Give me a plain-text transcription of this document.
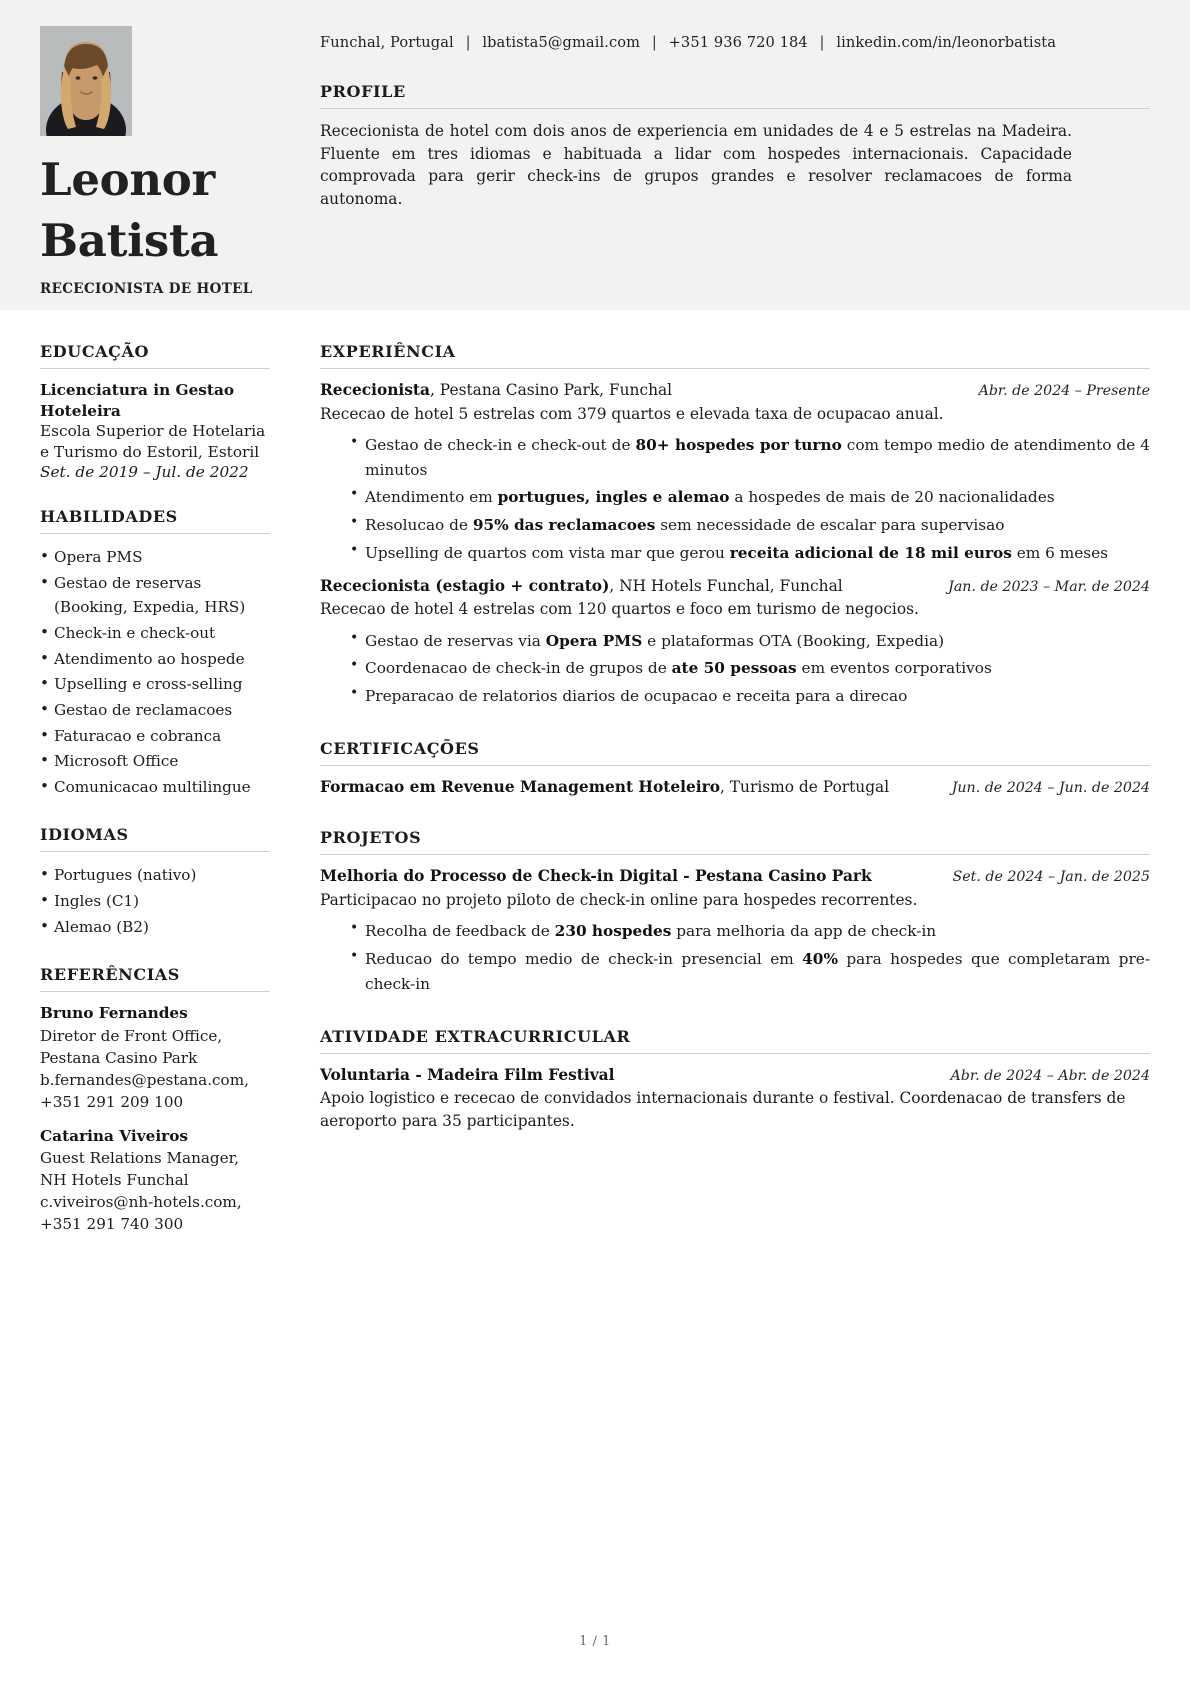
Leonor
Batista
RECECIONISTA DE HOTEL
Funchal, Portugal | lbatista5@gmail.com | +351 936 720 184 | linkedin.com/in/leonorbatista
PROFILE
Rececionista de hotel com dois anos de experiencia em unidades de 4 e 5 estrelas na Madeira. Fluente em tres idiomas e habituada a lidar com hospedes internacionais. Capacidade comprovada para gerir check-ins de grupos grandes e resolver reclamacoes de forma autonoma.
EDUCAÇÃO
Licenciatura in Gestao Hoteleira
Escola Superior de Hotelaria e Turismo do Estoril, Estoril
Set. de 2019 – Jul. de 2022
HABILIDADES
• Opera PMS
• Gestao de reservas (Booking, Expedia, HRS)
• Check-in e check-out
• Atendimento ao hospede
• Upselling e cross-selling
• Gestao de reclamacoes
• Faturacao e cobranca
• Microsoft Office
• Comunicacao multilingue
IDIOMAS
• Portugues (nativo)
• Ingles (C1)
• Alemao (B2)
REFERÊNCIAS
Bruno Fernandes
Diretor de Front Office, Pestana Casino Park
b.fernandes@pestana.com, +351 291 209 100
Catarina Viveiros
Guest Relations Manager, NH Hotels Funchal
c.viveiros@nh-hotels.com, +351 291 740 300
EXPERIÊNCIA
Rececionista, Pestana Casino Park, Funchal	Abr. de 2024 – Presente
Rececao de hotel 5 estrelas com 379 quartos e elevada taxa de ocupacao anual.
• Gestao de check-in e check-out de 80+ hospedes por turno com tempo medio de atendimento de 4 minutos
• Atendimento em portugues, ingles e alemao a hospedes de mais de 20 nacionalidades
• Resolucao de 95% das reclamacoes sem necessidade de escalar para supervisao
• Upselling de quartos com vista mar que gerou receita adicional de 18 mil euros em 6 meses
Rececionista (estagio + contrato), NH Hotels Funchal, Funchal	Jan. de 2023 – Mar. de 2024
Rececao de hotel 4 estrelas com 120 quartos e foco em turismo de negocios.
• Gestao de reservas via Opera PMS e plataformas OTA (Booking, Expedia)
• Coordenacao de check-in de grupos de ate 50 pessoas em eventos corporativos
• Preparacao de relatorios diarios de ocupacao e receita para a direcao
CERTIFICAÇÕES
Formacao em Revenue Management Hoteleiro, Turismo de Portugal	Jun. de 2024 – Jun. de 2024
PROJETOS
Melhoria do Processo de Check-in Digital - Pestana Casino Park	Set. de 2024 – Jan. de 2025
Participacao no projeto piloto de check-in online para hospedes recorrentes.
• Recolha de feedback de 230 hospedes para melhoria da app de check-in
• Reducao do tempo medio de check-in presencial em 40% para hospedes que completaram pre-check-in
ATIVIDADE EXTRACURRICULAR
Voluntaria - Madeira Film Festival	Abr. de 2024 – Abr. de 2024
Apoio logistico e rececao de convidados internacionais durante o festival. Coordenacao de transfers de aeroporto para 35 participantes.
1 / 1
